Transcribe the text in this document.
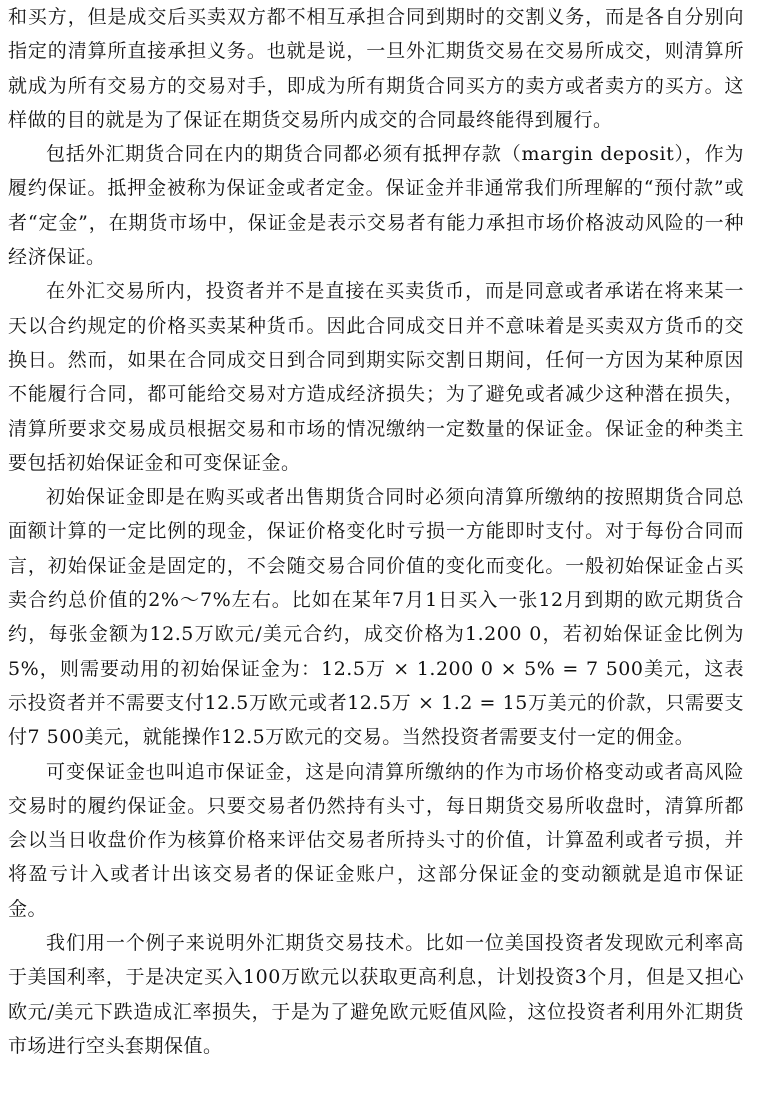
和买方，但是成交后买卖双方都不相互承担合同到期时的交割义务，而是各自分别向指定的清算所直接承担义务。也就是说，一旦外汇期货交易在交易所成交，则清算所就成为所有交易方的交易对手，即成为所有期货合同买方的卖方或者卖方的买方。这样做的目的就是为了保证在期货交易所内成交的合同最终能得到履行。

包括外汇期货合同在内的期货合同都必须有抵押存款（margin deposit），作为履约保证。抵押金被称为保证金或者定金。保证金并非通常我们所理解的“预付款”或者“定金”，在期货市场中，保证金是表示交易者有能力承担市场价格波动风险的一种经济保证。

在外汇交易所内，投资者并不是直接在买卖货币，而是同意或者承诺在将来某一天以合约规定的价格买卖某种货币。因此合同成交日并不意味着是买卖双方货币的交换日。然而，如果在合同成交日到合同到期实际交割日期间，任何一方因为某种原因不能履行合同，都可能给交易对方造成经济损失；为了避免或者减少这种潜在损失，清算所要求交易成员根据交易和市场的情况缴纳一定数量的保证金。保证金的种类主要包括初始保证金和可变保证金。

初始保证金即是在购买或者出售期货合同时必须向清算所缴纳的按照期货合同总面额计算的一定比例的现金，保证价格变化时亏损一方能即时支付。对于每份合同而言，初始保证金是固定的，不会随交易合同价值的变化而变化。一般初始保证金占买卖合约总价值的2%～7%左右。比如在某年7月1日买入一张12月到期的欧元期货合约，每张金额为12.5万欧元/美元合约，成交价格为1.200 0，若初始保证金比例为5%，则需要动用的初始保证金为：12.5万 × 1.200 0 × 5% = 7 500美元，这表示投资者并不需要支付12.5万欧元或者12.5万 × 1.2 = 15万美元的价款，只需要支付7 500美元，就能操作12.5万欧元的交易。当然投资者需要支付一定的佣金。

可变保证金也叫追市保证金，这是向清算所缴纳的作为市场价格变动或者高风险交易时的履约保证金。只要交易者仍然持有头寸，每日期货交易所收盘时，清算所都会以当日收盘价作为核算价格来评估交易者所持头寸的价值，计算盈利或者亏损，并将盈亏计入或者计出该交易者的保证金账户，这部分保证金的变动额就是追市保证金。

我们用一个例子来说明外汇期货交易技术。比如一位美国投资者发现欧元利率高于美国利率，于是决定买入100万欧元以获取更高利息，计划投资3个月，但是又担心欧元/美元下跌造成汇率损失，于是为了避免欧元贬值风险，这位投资者利用外汇期货市场进行空头套期保值。
